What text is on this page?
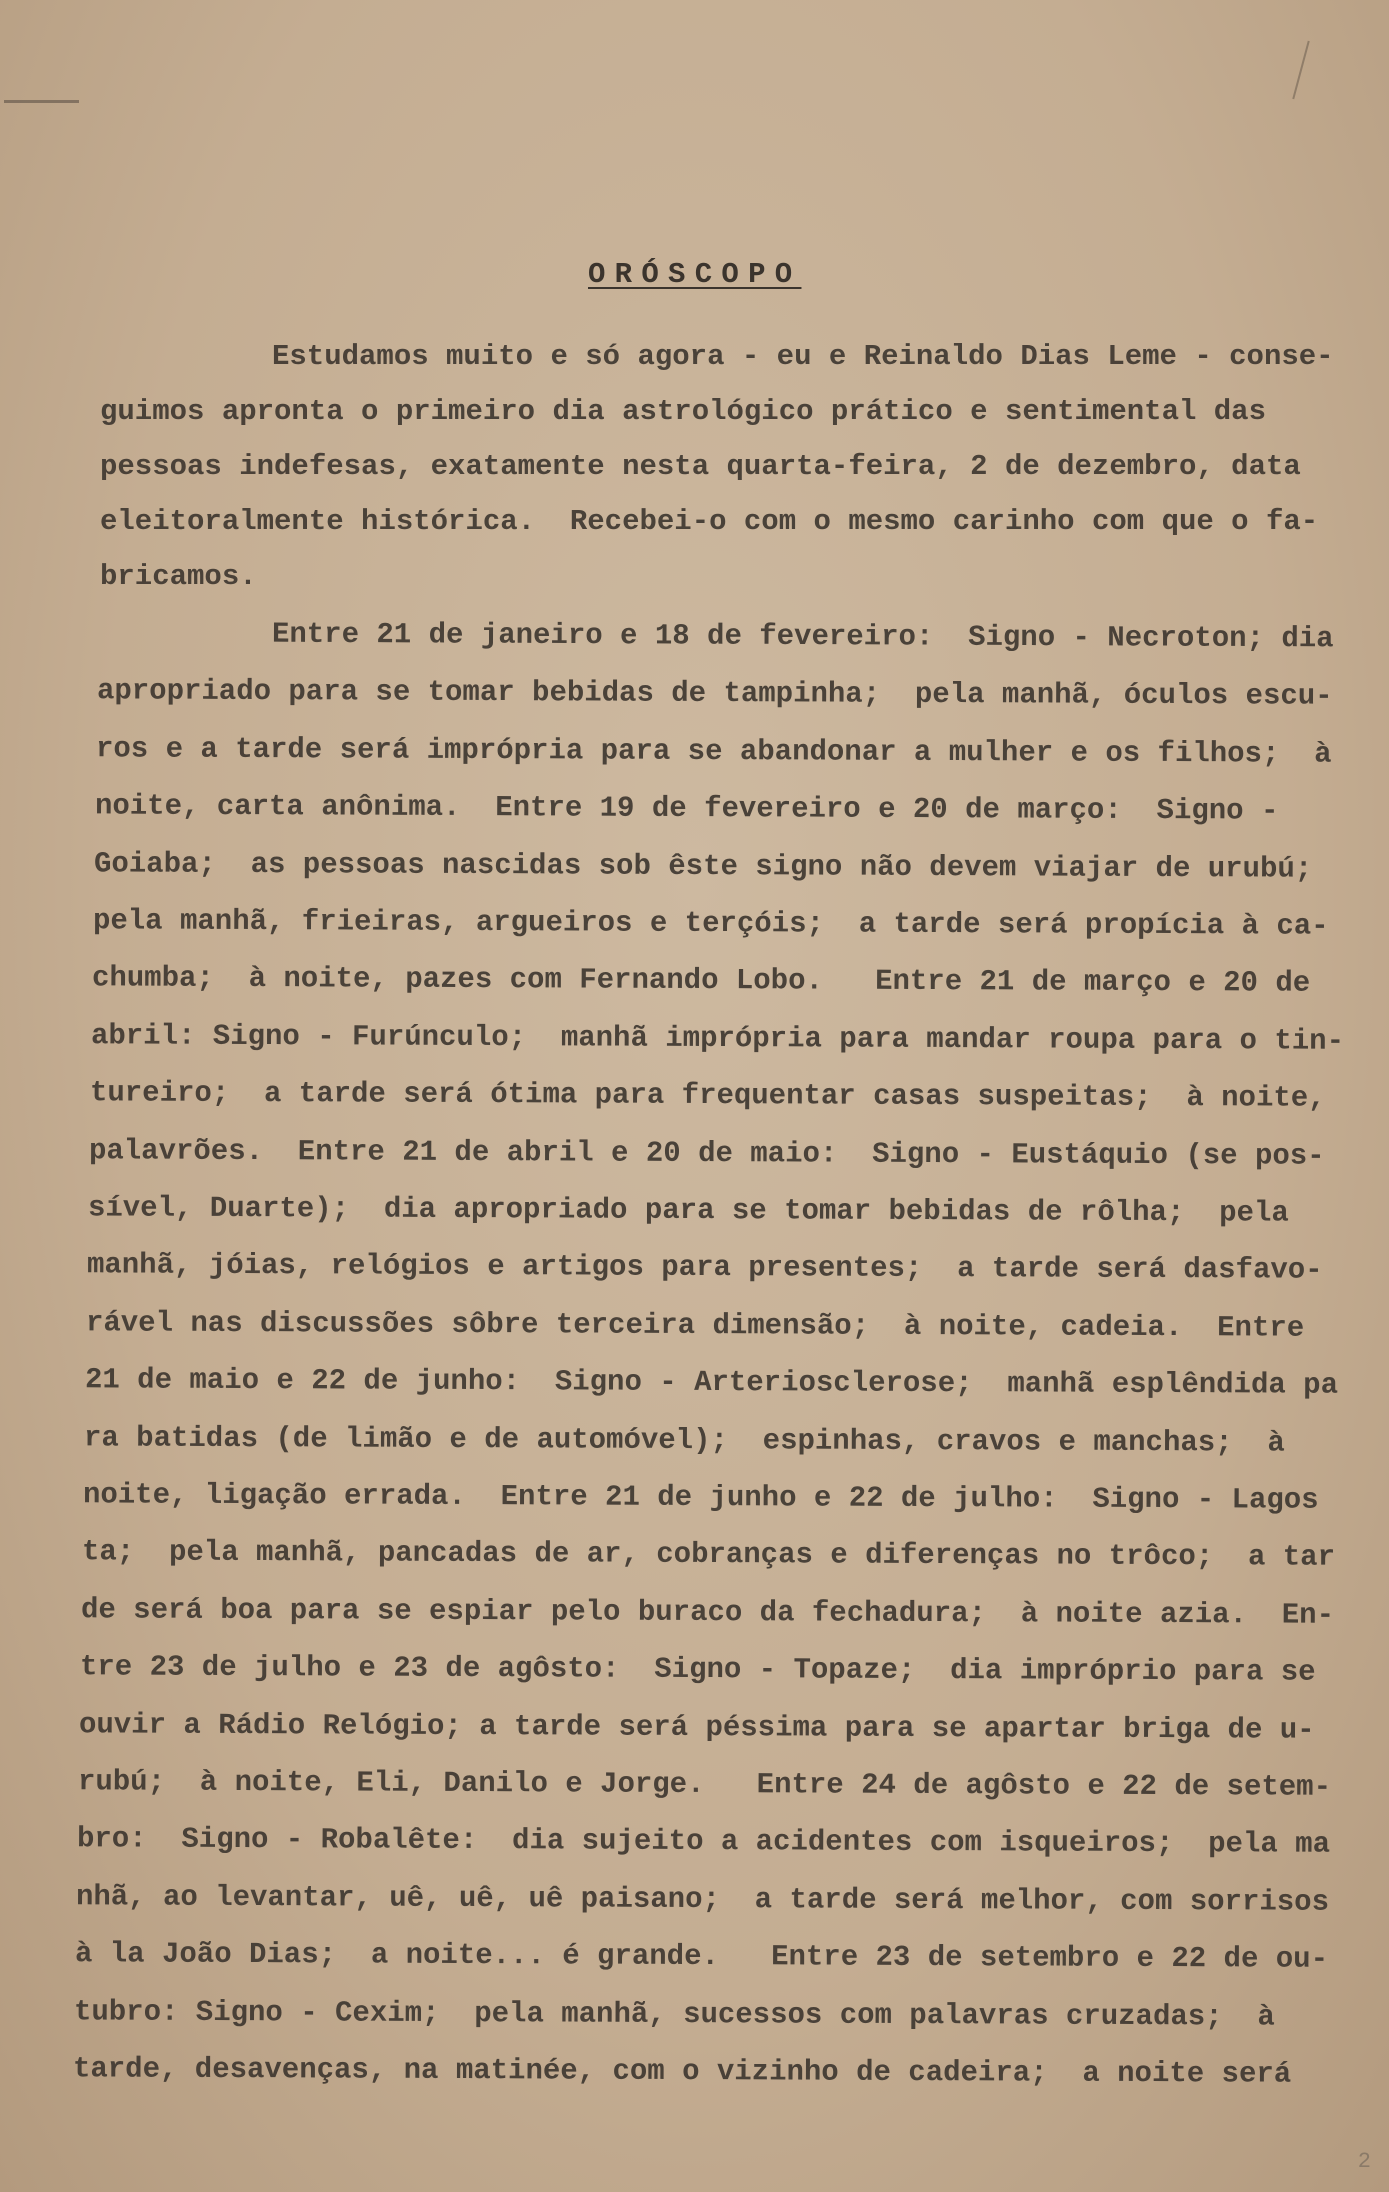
ORÓSCOPO
Estudamos muito e só agora - eu e Reinaldo Dias Leme - conse-
guimos apronta o primeiro dia astrológico prático e sentimental das
pessoas indefesas, exatamente nesta quarta-feira, 2 de dezembro, data
eleitoralmente histórica.  Recebei-o com o mesmo carinho com que o fa-
bricamos.
Entre 21 de janeiro e 18 de fevereiro:  Signo - Necroton; dia
apropriado para se tomar bebidas de tampinha;  pela manhã, óculos escu-
ros e a tarde será imprópria para se abandonar a mulher e os filhos;  à
noite, carta anônima.  Entre 19 de fevereiro e 20 de março:  Signo -
Goiaba;  as pessoas nascidas sob êste signo não devem viajar de urubú;
pela manhã, frieiras, argueiros e terçóis;  a tarde será propícia à ca-
chumba;  à noite, pazes com Fernando Lobo.   Entre 21 de março e 20 de
abril: Signo - Furúnculo;  manhã imprópria para mandar roupa para o tin-
tureiro;  a tarde será ótima para frequentar casas suspeitas;  à noite,
palavrões.  Entre 21 de abril e 20 de maio:  Signo - Eustáquio (se pos-
sível, Duarte);  dia apropriado para se tomar bebidas de rôlha;  pela
manhã, jóias, relógios e artigos para presentes;  a tarde será dasfavo-
rável nas discussões sôbre terceira dimensão;  à noite, cadeia.  Entre
21 de maio e 22 de junho:  Signo - Arteriosclerose;  manhã esplêndida pa
ra batidas (de limão e de automóvel);  espinhas, cravos e manchas;  à
noite, ligação errada.  Entre 21 de junho e 22 de julho:  Signo - Lagos
ta;  pela manhã, pancadas de ar, cobranças e diferenças no trôco;  a tar
de será boa para se espiar pelo buraco da fechadura;  à noite azia.  En-
tre 23 de julho e 23 de agôsto:  Signo - Topaze;  dia impróprio para se
ouvir a Rádio Relógio; a tarde será péssima para se apartar briga de u-
rubú;  à noite, Eli, Danilo e Jorge.   Entre 24 de agôsto e 22 de setem-
bro:  Signo - Robalête:  dia sujeito a acidentes com isqueiros;  pela ma
nhã, ao levantar, uê, uê, uê paisano;  a tarde será melhor, com sorrisos
à la João Dias;  a noite... é grande.   Entre 23 de setembro e 22 de ou-
tubro: Signo - Cexim;  pela manhã, sucessos com palavras cruzadas;  à
tarde, desavenças, na matinée, com o vizinho de cadeira;  a noite será
2
